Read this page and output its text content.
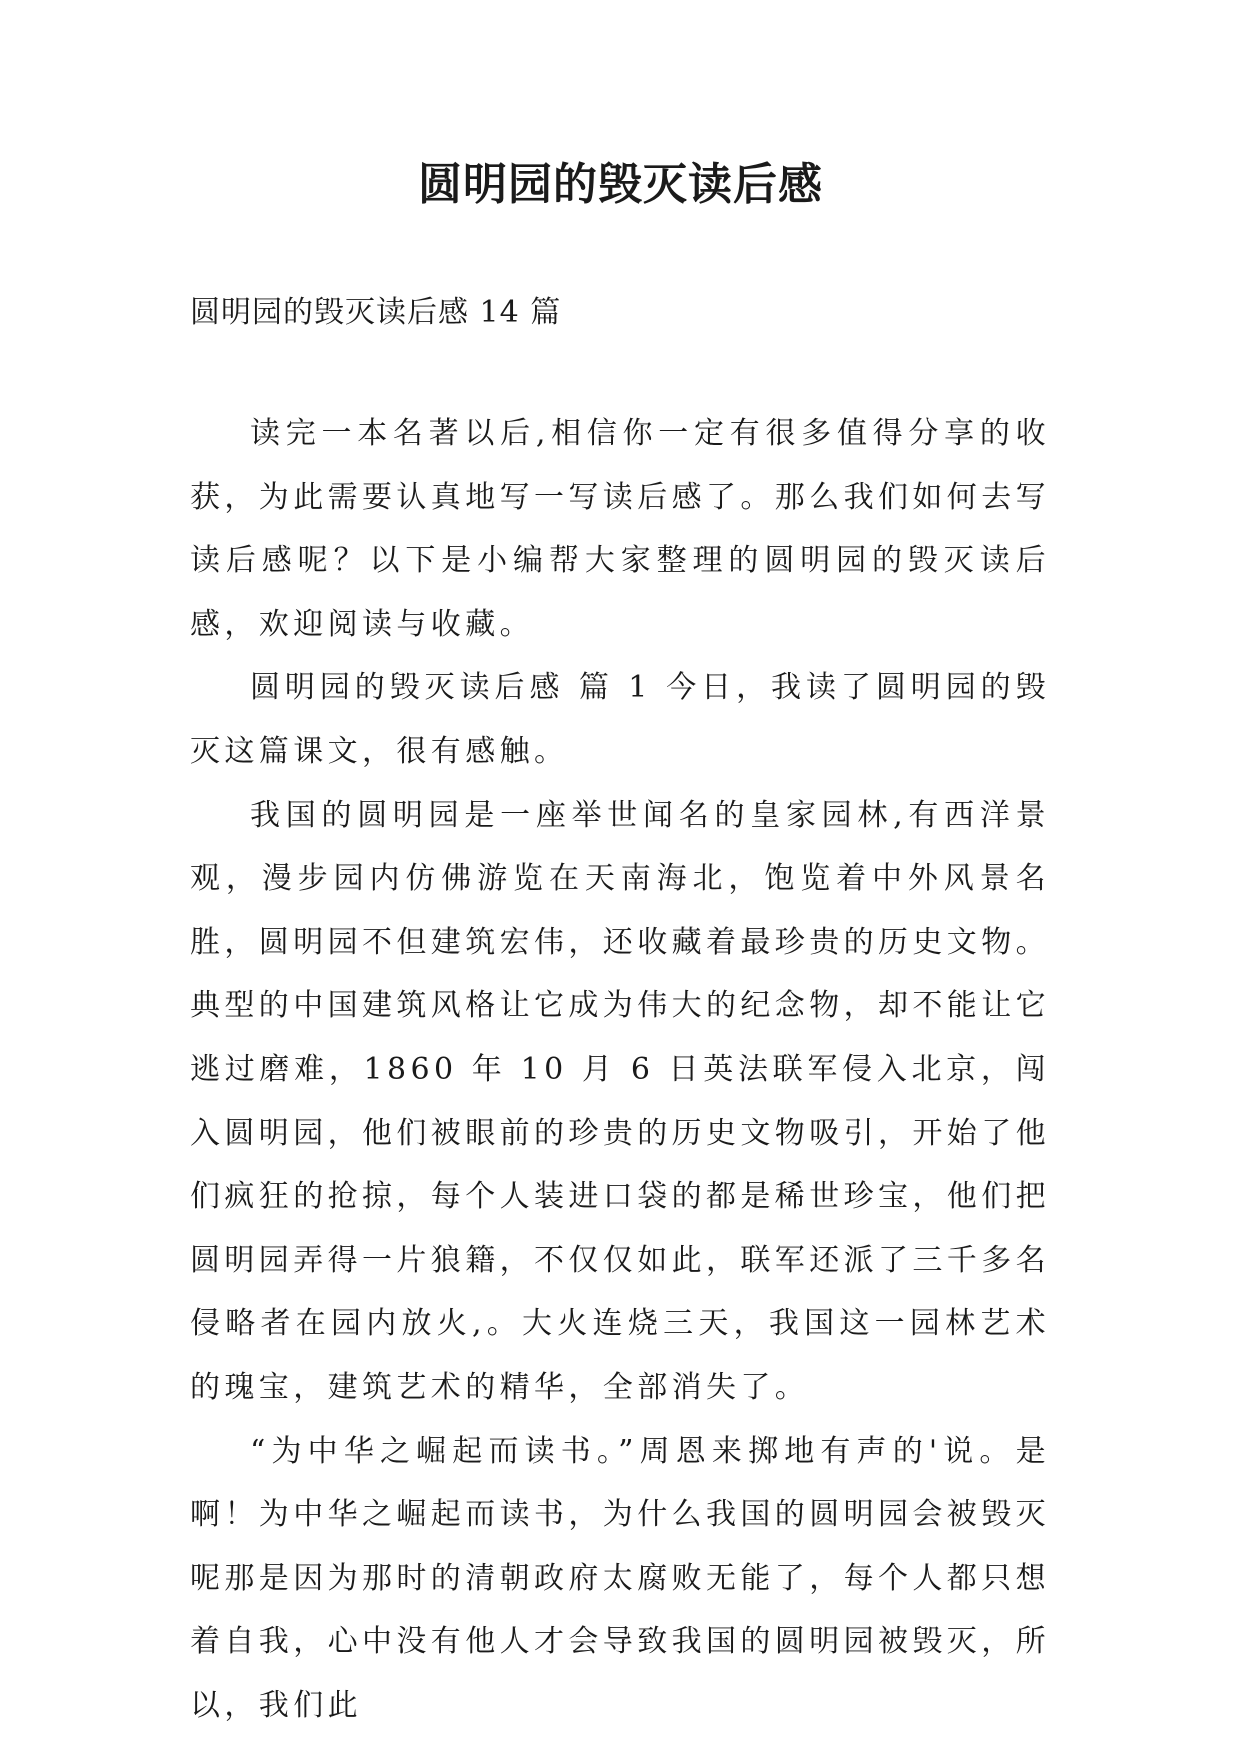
圆明园的毁灭读后感
圆明园的毁灭读后感 14 篇

读完一本名著以后,相信你一定有很多值得分享的收获，为此需要认真地写一写读后感了。那么我们如何去写读后感呢？以下是小编帮大家整理的圆明园的毁灭读后感，欢迎阅读与收藏。

圆明园的毁灭读后感 篇 1 今日，我读了圆明园的毁灭这篇课文，很有感触。

我国的圆明园是一座举世闻名的皇家园林,有西洋景观，漫步园内仿佛游览在天南海北，饱览着中外风景名胜，圆明园不但建筑宏伟，还收藏着最珍贵的历史文物。典型的中国建筑风格让它成为伟大的纪念物，却不能让它逃过磨难，1860 年 10 月 6 日英法联军侵入北京，闯入圆明园，他们被眼前的珍贵的历史文物吸引，开始了他们疯狂的抢掠，每个人装进口袋的都是稀世珍宝，他们把圆明园弄得一片狼籍，不仅仅如此，联军还派了三千多名侵略者在园内放火,。大火连烧三天，我国这一园林艺术的瑰宝，建筑艺术的精华，全部消失了。

“为中华之崛起而读书。”周恩来掷地有声的'说。是啊！为中华之崛起而读书，为什么我国的圆明园会被毁灭呢那是因为那时的清朝政府太腐败无能了，每个人都只想着自我，心中没有他人才会导致我国的圆明园被毁灭，所以，我们此
